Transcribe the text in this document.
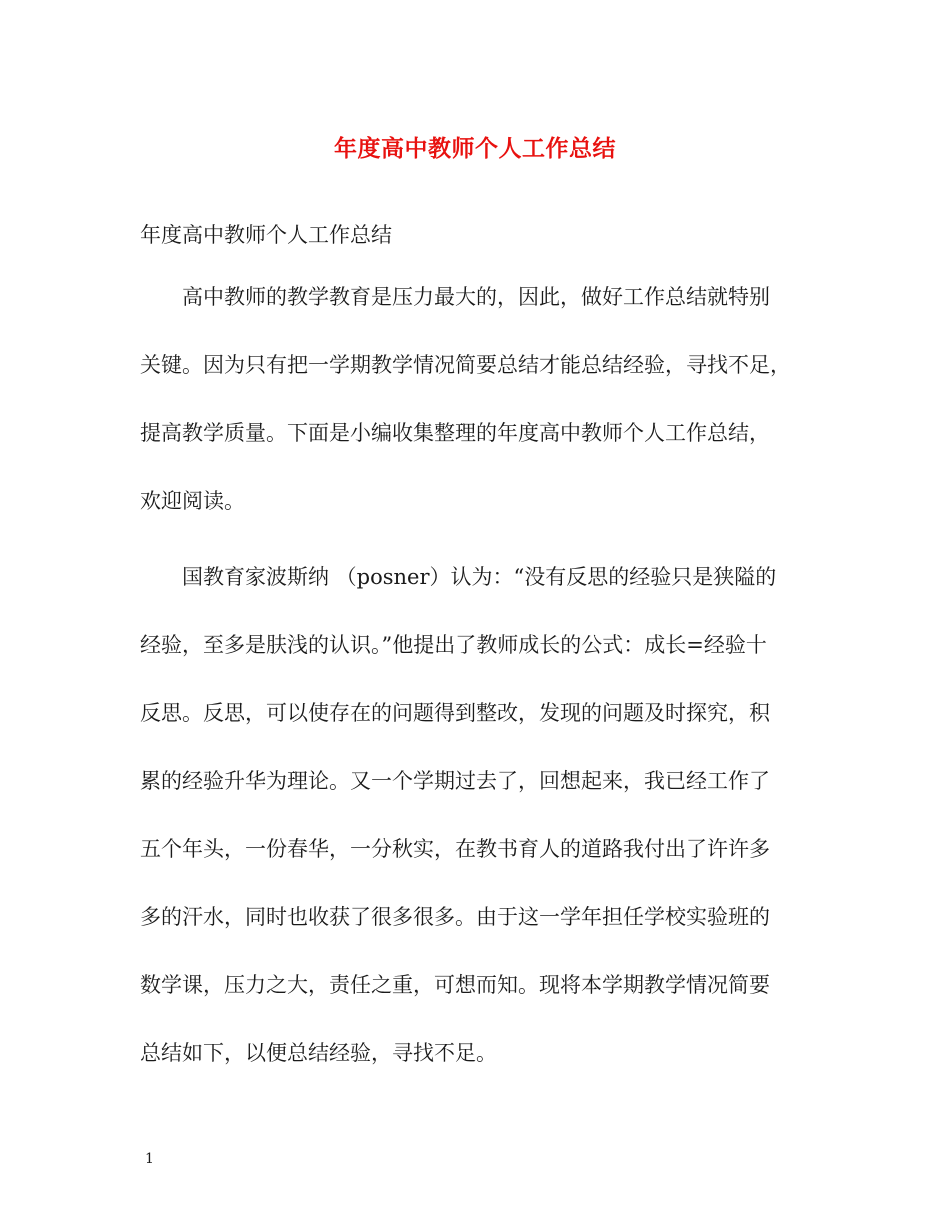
年度高中教师个人工作总结

年度高中教师个人工作总结

高中教师的教学教育是压力最大的，因此，做好工作总结就特别
关键。因为只有把一学期教学情况简要总结才能总结经验，寻找不足，
提高教学质量。下面是小编收集整理的年度高中教师个人工作总结，
欢迎阅读。
国教育家波斯纳 （posner）认为：“没有反思的经验只是狭隘的
经验，至多是肤浅的认识。”他提出了教师成长的公式：成长=经验十
反思。反思，可以使存在的问题得到整改，发现的问题及时探究，积
累的经验升华为理论。又一个学期过去了，回想起来，我已经工作了
五个年头，一份春华，一分秋实，在教书育人的道路我付出了许许多
多的汗水，同时也收获了很多很多。由于这一学年担任学校实验班的
数学课，压力之大，责任之重，可想而知。现将本学期教学情况简要
总结如下，以便总结经验，寻找不足。

1
